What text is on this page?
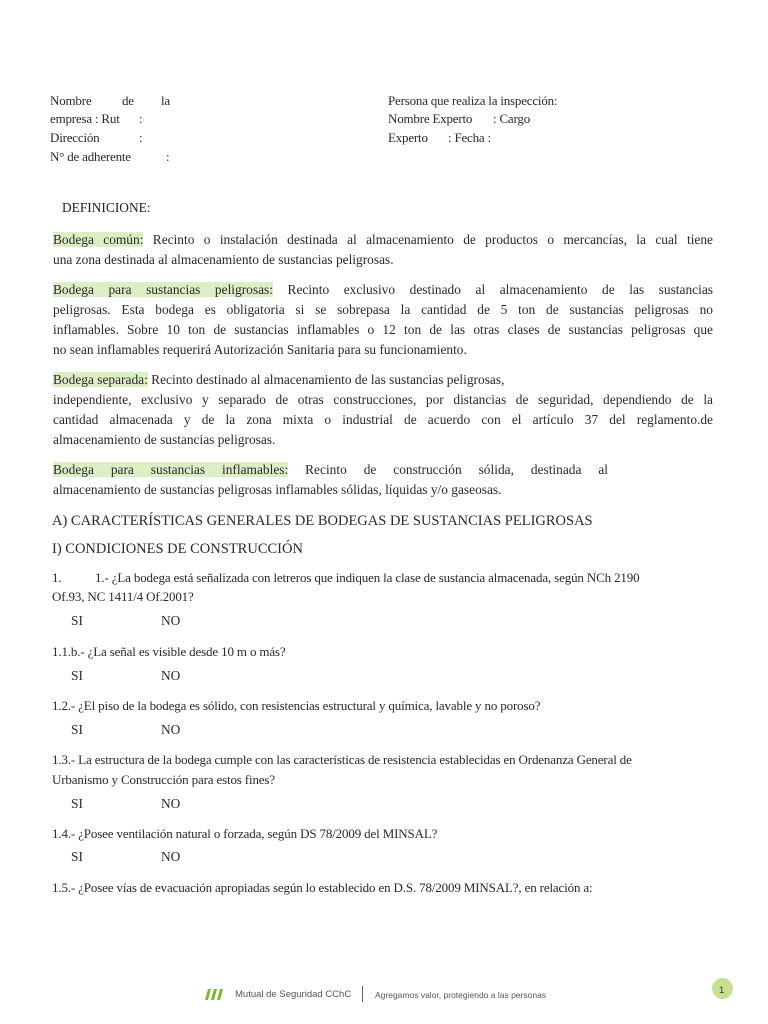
Nombre de la
empresa : Rut :
Dirección	:
N° de adherente	:
Persona que realiza la inspección:
Nombre Experto : Cargo
Experto : Fecha :
DEFINICIONE:
Bodega común: Recinto o instalación destinada al almacenamiento de productos o mercancías, la cual tiene
una zona destinada al almacenamiento de sustancias peligrosas.
Bodega para sustancias peligrosas: Recinto exclusivo destinado al almacenamiento de las sustancias
peligrosas. Esta bodega es obligatoria si se sobrepasa la cantidad de 5 ton de sustancias peligrosas no
inflamables. Sobre 10 ton de sustancias inflamables o 12 ton de las otras clases de sustancias peligrosas que
no sean inflamables requerirá Autorización Sanitaria para su funcionamiento.
Bodega separada: Recinto destinado al almacenamiento de las sustancias peligrosas,
independiente, exclusivo y separado de otras construcciones, por distancias de seguridad, dependiendo de la
cantidad almacenada y de la zona mixta o industrial de acuerdo con el artículo 37 del reglamento.de
almacenamiento de sustancias peligrosas.
Bodega para sustancias inflamables: Recinto de construcción sólida, destinada al
almacenamiento de sustancias peligrosas inflamables sólidas, líquidas y/o gaseosas.
A) CARACTERÍSTICAS GENERALES DE BODEGAS DE SUSTANCIAS PELIGROSAS
I) CONDICIONES DE CONSTRUCCIÓN
1.	1.- ¿La bodega está señalizada con letreros que indiquen la clase de sustancia almacenada, según NCh 2190
Of.93, NC 1411/4 Of.2001?
SI	NO
1.1.b.- ¿La señal es visible desde 10 m o más?
SI	NO
1.2.- ¿El piso de la bodega es sólido, con resistencias estructural y química, lavable y no poroso?
SI	NO
1.3.- La estructura de la bodega cumple con las características de resistencia establecidas en Ordenanza General de
Urbanismo y Construcción para estos fines?
SI	NO
1.4.- ¿Posee ventilación natural o forzada, según DS 78/2009 del MINSAL?
SI	NO
1.5.- ¿Posee vías de evacuación apropiadas según lo establecido en D.S. 78/2009 MINSAL?, en relación a:
Mutual de Seguridad CChC	Agregamos valor, protegiendo a las personas	1
